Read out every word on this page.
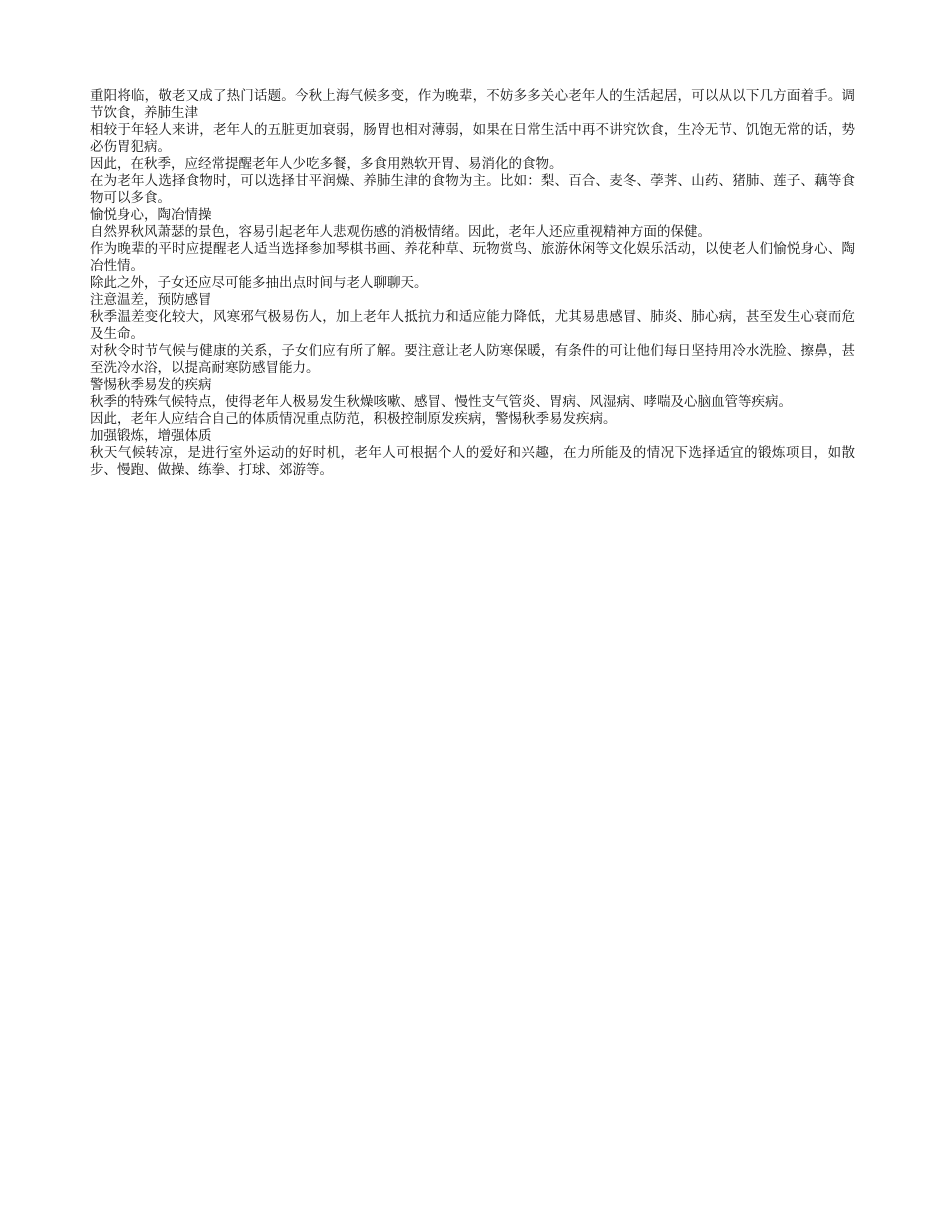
重阳将临，敬老又成了热门话题。今秋上海气候多变，作为晚辈，不妨多多关心老年人的生活起居，可以从以下几方面着手。调节饮食，养肺生津

相较于年轻人来讲，老年人的五脏更加衰弱，肠胃也相对薄弱，如果在日常生活中再不讲究饮食，生冷无节、饥饱无常的话，势必伤胃犯病。

因此，在秋季，应经常提醒老年人少吃多餐，多食用熟软开胃、易消化的食物。

在为老年人选择食物时，可以选择甘平润燥、养肺生津的食物为主。比如：梨、百合、麦冬、荸荠、山药、猪肺、莲子、藕等食物可以多食。

愉悦身心，陶冶情操

自然界秋风萧瑟的景色，容易引起老年人悲观伤感的消极情绪。因此，老年人还应重视精神方面的保健。

作为晚辈的平时应提醒老人适当选择参加琴棋书画、养花种草、玩物赏鸟、旅游休闲等文化娱乐活动，以使老人们愉悦身心、陶冶性情。

除此之外，子女还应尽可能多抽出点时间与老人聊聊天。

注意温差，预防感冒

秋季温差变化较大，风寒邪气极易伤人，加上老年人抵抗力和适应能力降低，尤其易患感冒、肺炎、肺心病，甚至发生心衰而危及生命。

对秋令时节气候与健康的关系，子女们应有所了解。要注意让老人防寒保暖，有条件的可让他们每日坚持用冷水洗脸、擦鼻，甚至洗冷水浴，以提高耐寒防感冒能力。

警惕秋季易发的疾病

秋季的特殊气候特点，使得老年人极易发生秋燥咳嗽、感冒、慢性支气管炎、胃病、风湿病、哮喘及心脑血管等疾病。

因此，老年人应结合自己的体质情况重点防范，积极控制原发疾病，警惕秋季易发疾病。

加强锻炼，增强体质

秋天气候转凉，是进行室外运动的好时机，老年人可根据个人的爱好和兴趣，在力所能及的情况下选择适宜的锻炼项目，如散步、慢跑、做操、练拳、打球、郊游等。
